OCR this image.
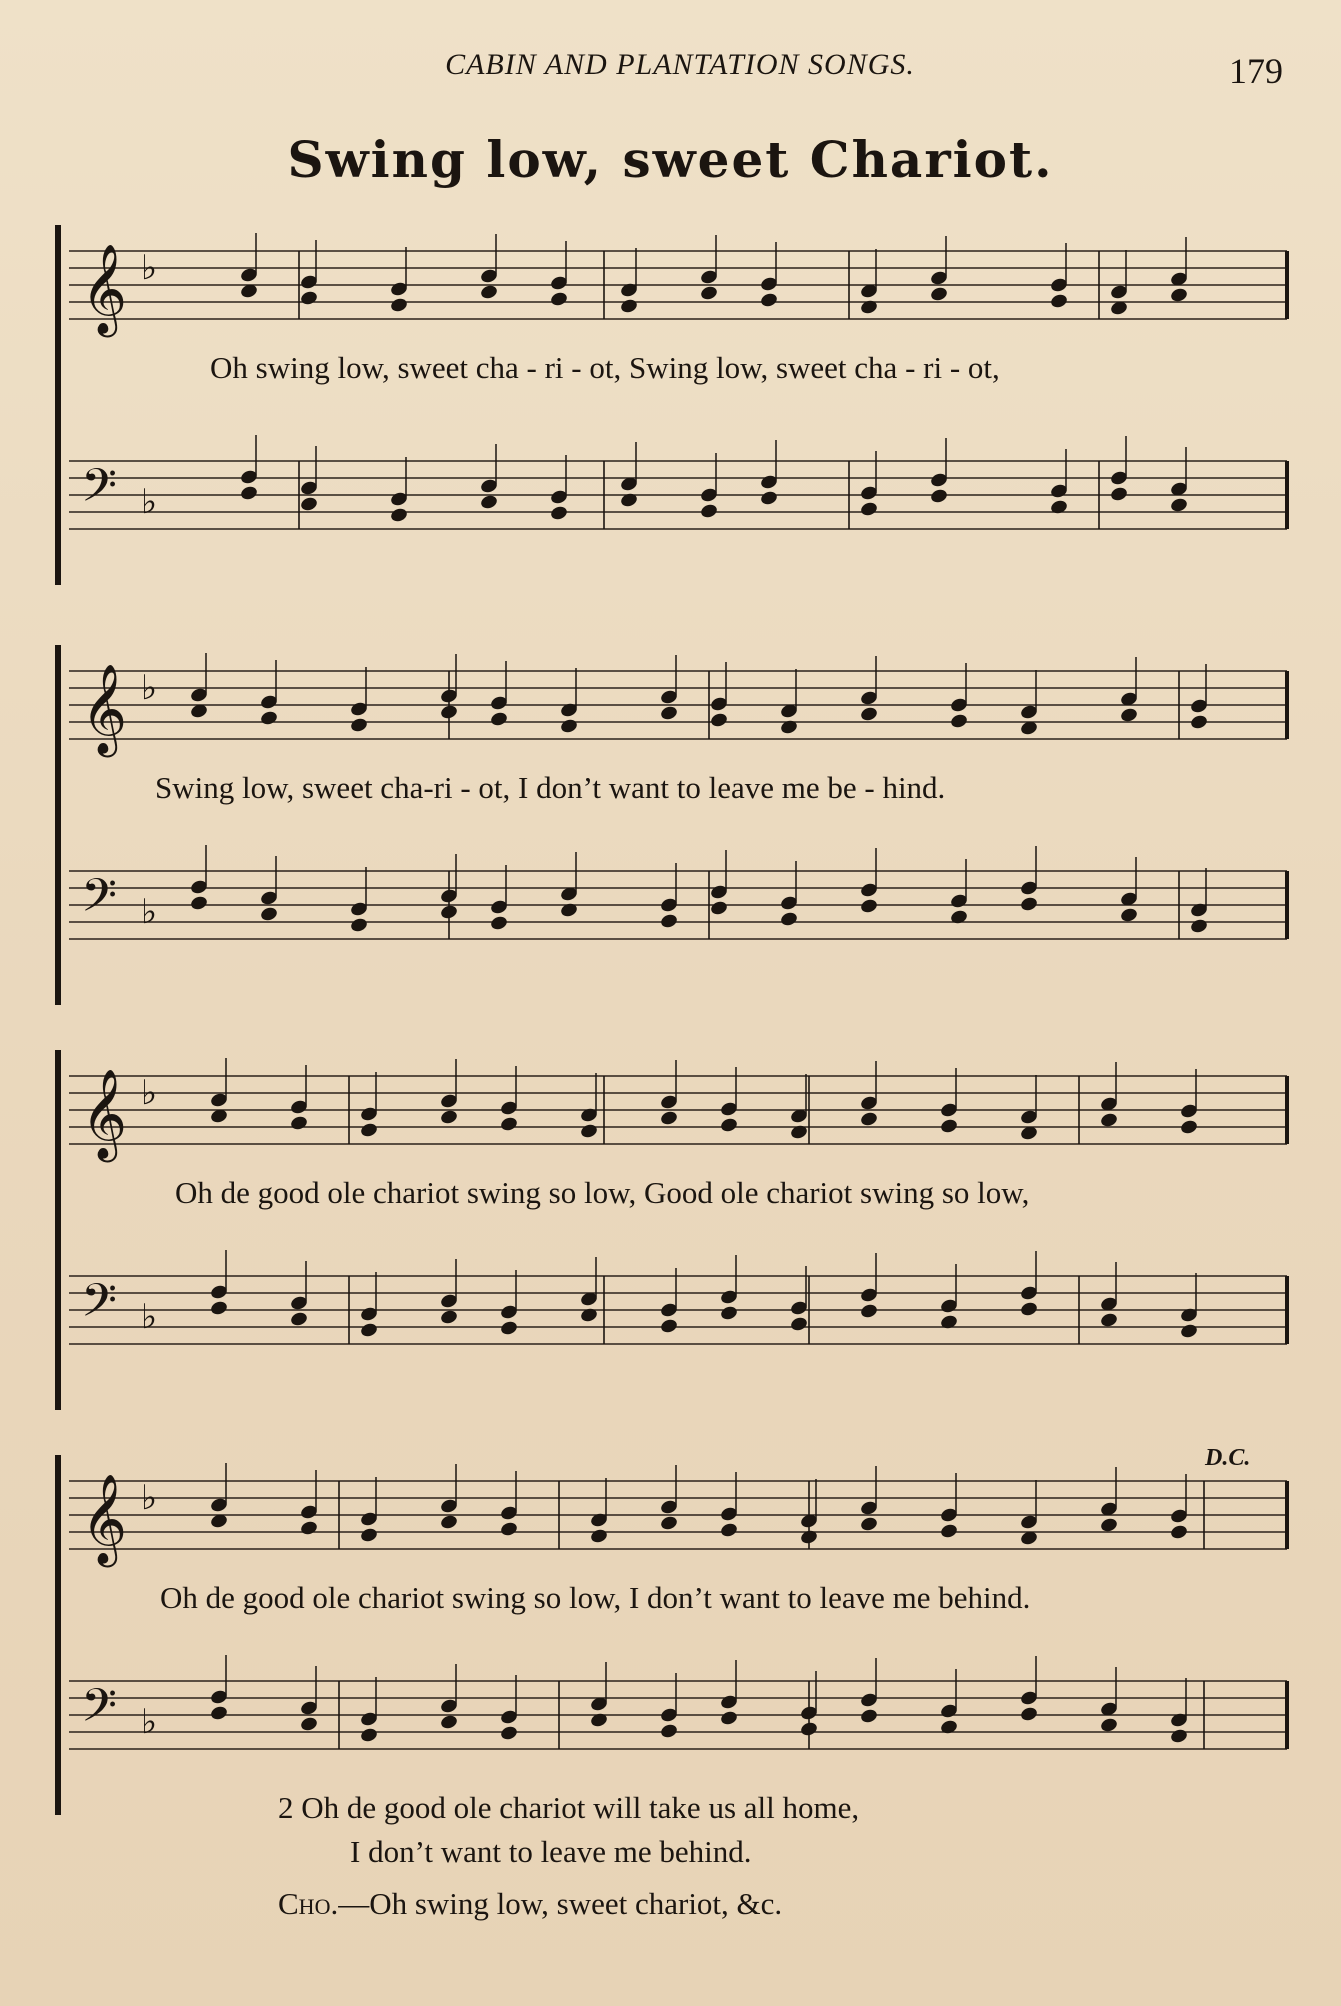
CABIN AND PLANTATION SONGS.	179
Swing low, sweet Chariot.
𝄞 ♭
Oh swing low, sweet cha - ri - ot, Swing low, sweet cha - ri - ot,
𝄢 ♭
𝄞 ♭
Swing low, sweet cha-ri - ot, I don’t want to leave me be - hind.
𝄢 ♭
𝄞 ♭
Oh de good ole chariot swing so low, Good ole chariot swing so low,
𝄢 ♭
𝄞 ♭
Oh de good ole chariot swing so low, I don’t want to leave me behind.
𝄢 ♭
D.C.
2 Oh de good ole chariot will take us all home,
I don’t want to leave me behind.
Cho.—Oh swing low, sweet chariot, &c.
